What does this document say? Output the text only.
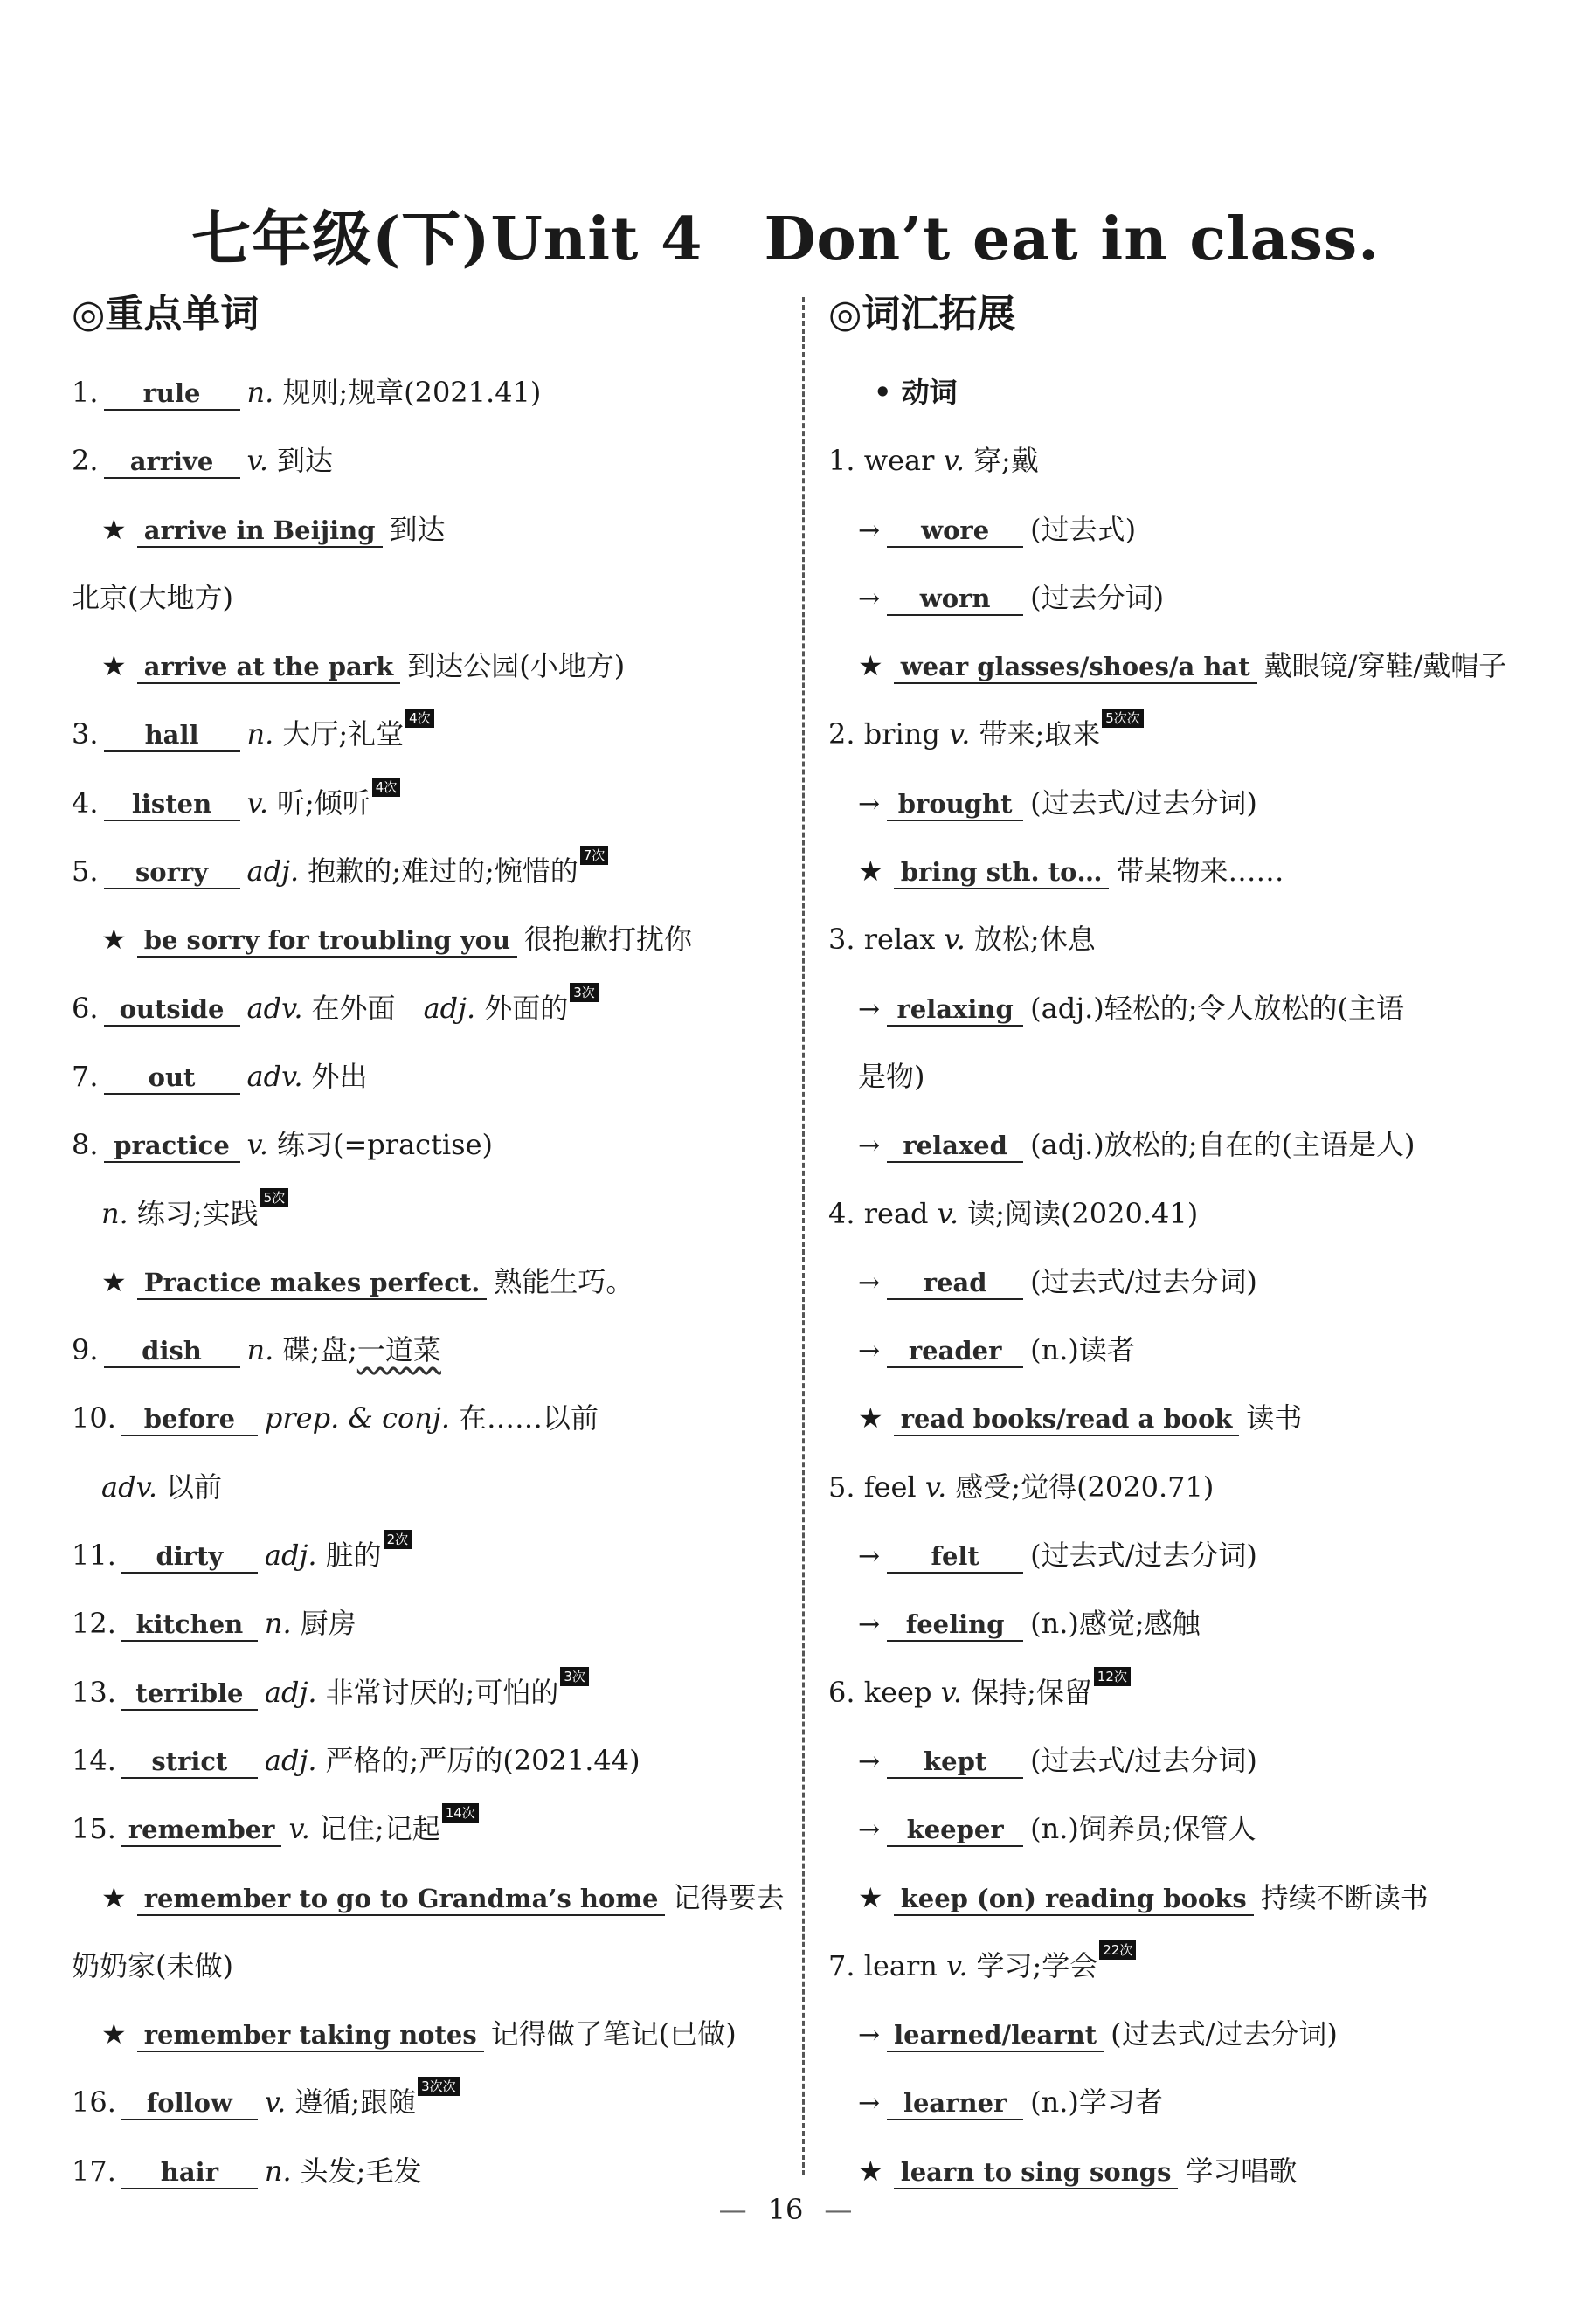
七年级(下)Unit 4 Don’t eat in class.
◎重点单词
1. rule n. 规则;规章(2021.41)
2. arrive v. 到达
★ arrive in Beijing 到达
北京(大地方)
★ arrive at the park 到达公园(小地方)
3. hall n. 大厅;礼堂 4次
4. listen v. 听;倾听 4次
5. sorry adj. 抱歉的;难过的;惋惜的 7次
★ be sorry for troubling you 很抱歉打扰你
6. outside adv. 在外面  adj. 外面的 3次
7. out adv. 外出
8. practice v. 练习(=practise)
n. 练习;实践 5次
★ Practice makes perfect. 熟能生巧。
9. dish n. 碟;盘;一道菜
10. before prep. & conj. 在……以前
adv. 以前
11. dirty adj. 脏的 2次
12. kitchen n. 厨房
13. terrible adj. 非常讨厌的;可怕的 3次
14. strict adj. 严格的;严厉的(2021.44)
15. remember v. 记住;记起 14次
★ remember to go to Grandma’s home 记得要去
奶奶家(未做)
★ remember taking notes 记得做了笔记(已做)
16. follow v. 遵循;跟随 3次次
17. hair n. 头发;毛发
◎词汇拓展
• 动词
1. wear v. 穿;戴
→ wore (过去式)
→ worn (过去分词)
★ wear glasses/shoes/a hat 戴眼镜/穿鞋/戴帽子
2. bring v. 带来;取来 5次次
→ brought (过去式/过去分词)
★ bring sth. to… 带某物来……
3. relax v. 放松;休息
→ relaxing (adj.)轻松的;令人放松的(主语
是物)
→ relaxed (adj.)放松的;自在的(主语是人)
4. read v. 读;阅读(2020.41)
→ read (过去式/过去分词)
→ reader (n.)读者
★ read books/read a book 读书
5. feel v. 感受;觉得(2020.71)
→ felt (过去式/过去分词)
→ feeling (n.)感觉;感触
6. keep v. 保持;保留 12次
→ kept (过去式/过去分词)
→ keeper (n.)饲养员;保管人
★ keep (on) reading books 持续不断读书
7. learn v. 学习;学会 22次
→ learned/learnt (过去式/过去分词)
→ learner (n.)学习者
★ learn to sing songs 学习唱歌
— 16 —
